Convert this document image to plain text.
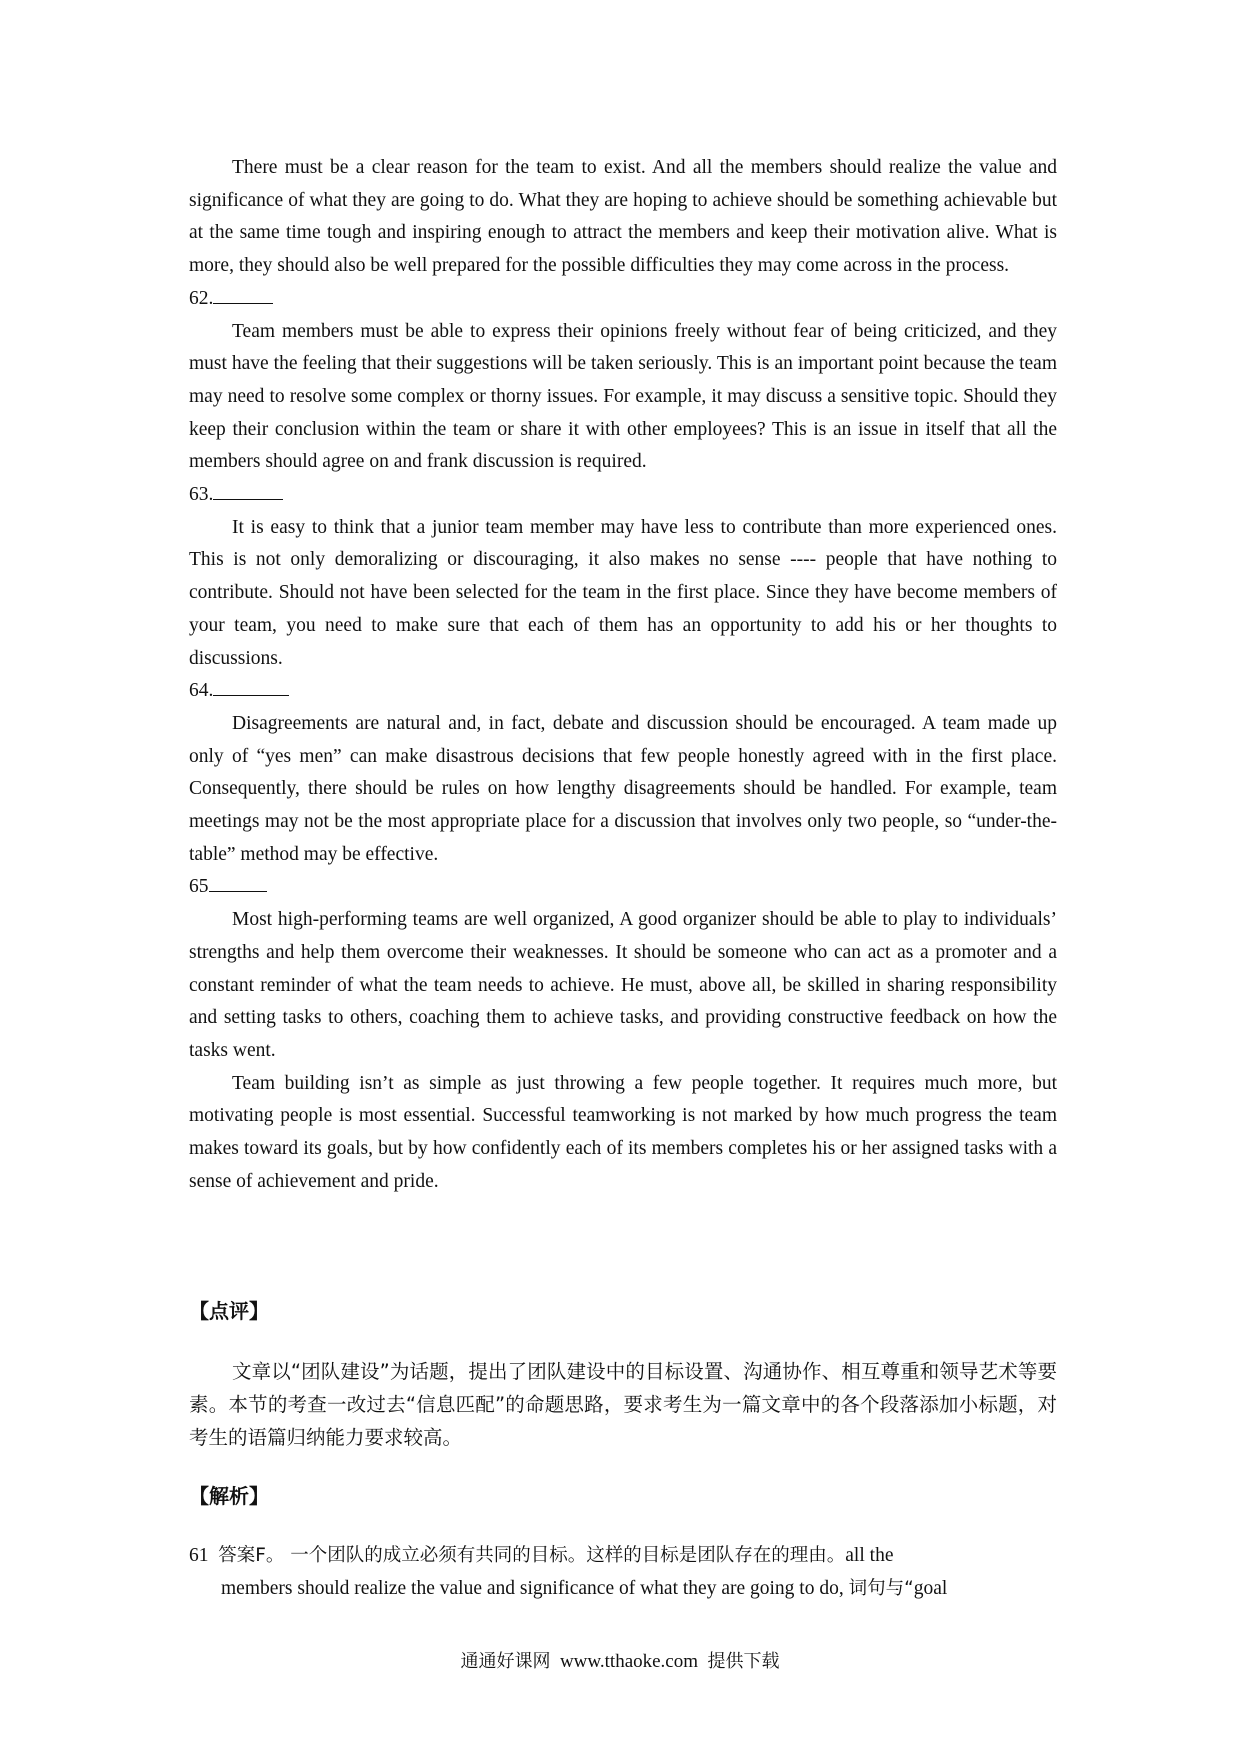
There must be a clear reason for the team to exist. And all the members should realize the value and significance of what they are going to do. What they are hoping to achieve should be something achievable but at the same time tough and inspiring enough to attract the members and keep their motivation alive. What is more, they should also be well prepared for the possible difficulties they may come across in the process.

62.

Team members must be able to express their opinions freely without fear of being criticized, and they must have the feeling that their suggestions will be taken seriously. This is an important point because the team may need to resolve some complex or thorny issues. For example, it may discuss a sensitive topic. Should they keep their conclusion within the team or share it with other employees? This is an issue in itself that all the members should agree on and frank discussion is required.

63.

It is easy to think that a junior team member may have less to contribute than more experienced ones. This is not only demoralizing or discouraging, it also makes no sense ---- people that have nothing to contribute. Should not have been selected for the team in the first place. Since they have become members of your team, you need to make sure that each of them has an opportunity to add his or her thoughts to discussions.

64.

Disagreements are natural and, in fact, debate and discussion should be encouraged. A team made up only of “yes men” can make disastrous decisions that few people honestly agreed with in the first place. Consequently, there should be rules on how lengthy disagreements should be handled. For example, team meetings may not be the most appropriate place for a discussion that involves only two people, so “under-the-table” method may be effective.

65

Most high-performing teams are well organized, A good organizer should be able to play to individuals’ strengths and help them overcome their weaknesses. It should be someone who can act as a promoter and a constant reminder of what the team needs to achieve. He must, above all, be skilled in sharing responsibility and setting tasks to others, coaching them to achieve tasks, and providing constructive feedback on how the tasks went.

Team building isn’t as simple as just throwing a few people together. It requires much more, but motivating people is most essential. Successful teamworking is not marked by how much progress the team makes toward its goals, but by how confidently each of its members completes his or her assigned tasks with a sense of achievement and pride.

【点评】

文章以“团队建设”为话题，提出了团队建设中的目标设置、沟通协作、相互尊重和领导艺术等要素。本节的考查一改过去“信息匹配”的命题思路，要求考生为一篇文章中的各个段落添加小标题，对考生的语篇归纳能力要求较高。

【解析】

61 答案F。 一个团队的成立必须有共同的目标。这样的目标是团队存在的理由。all the
members should realize the value and significance of what they are going to do, 词句与“goal

通通好课网 www.tthaoke.com 提供下载
